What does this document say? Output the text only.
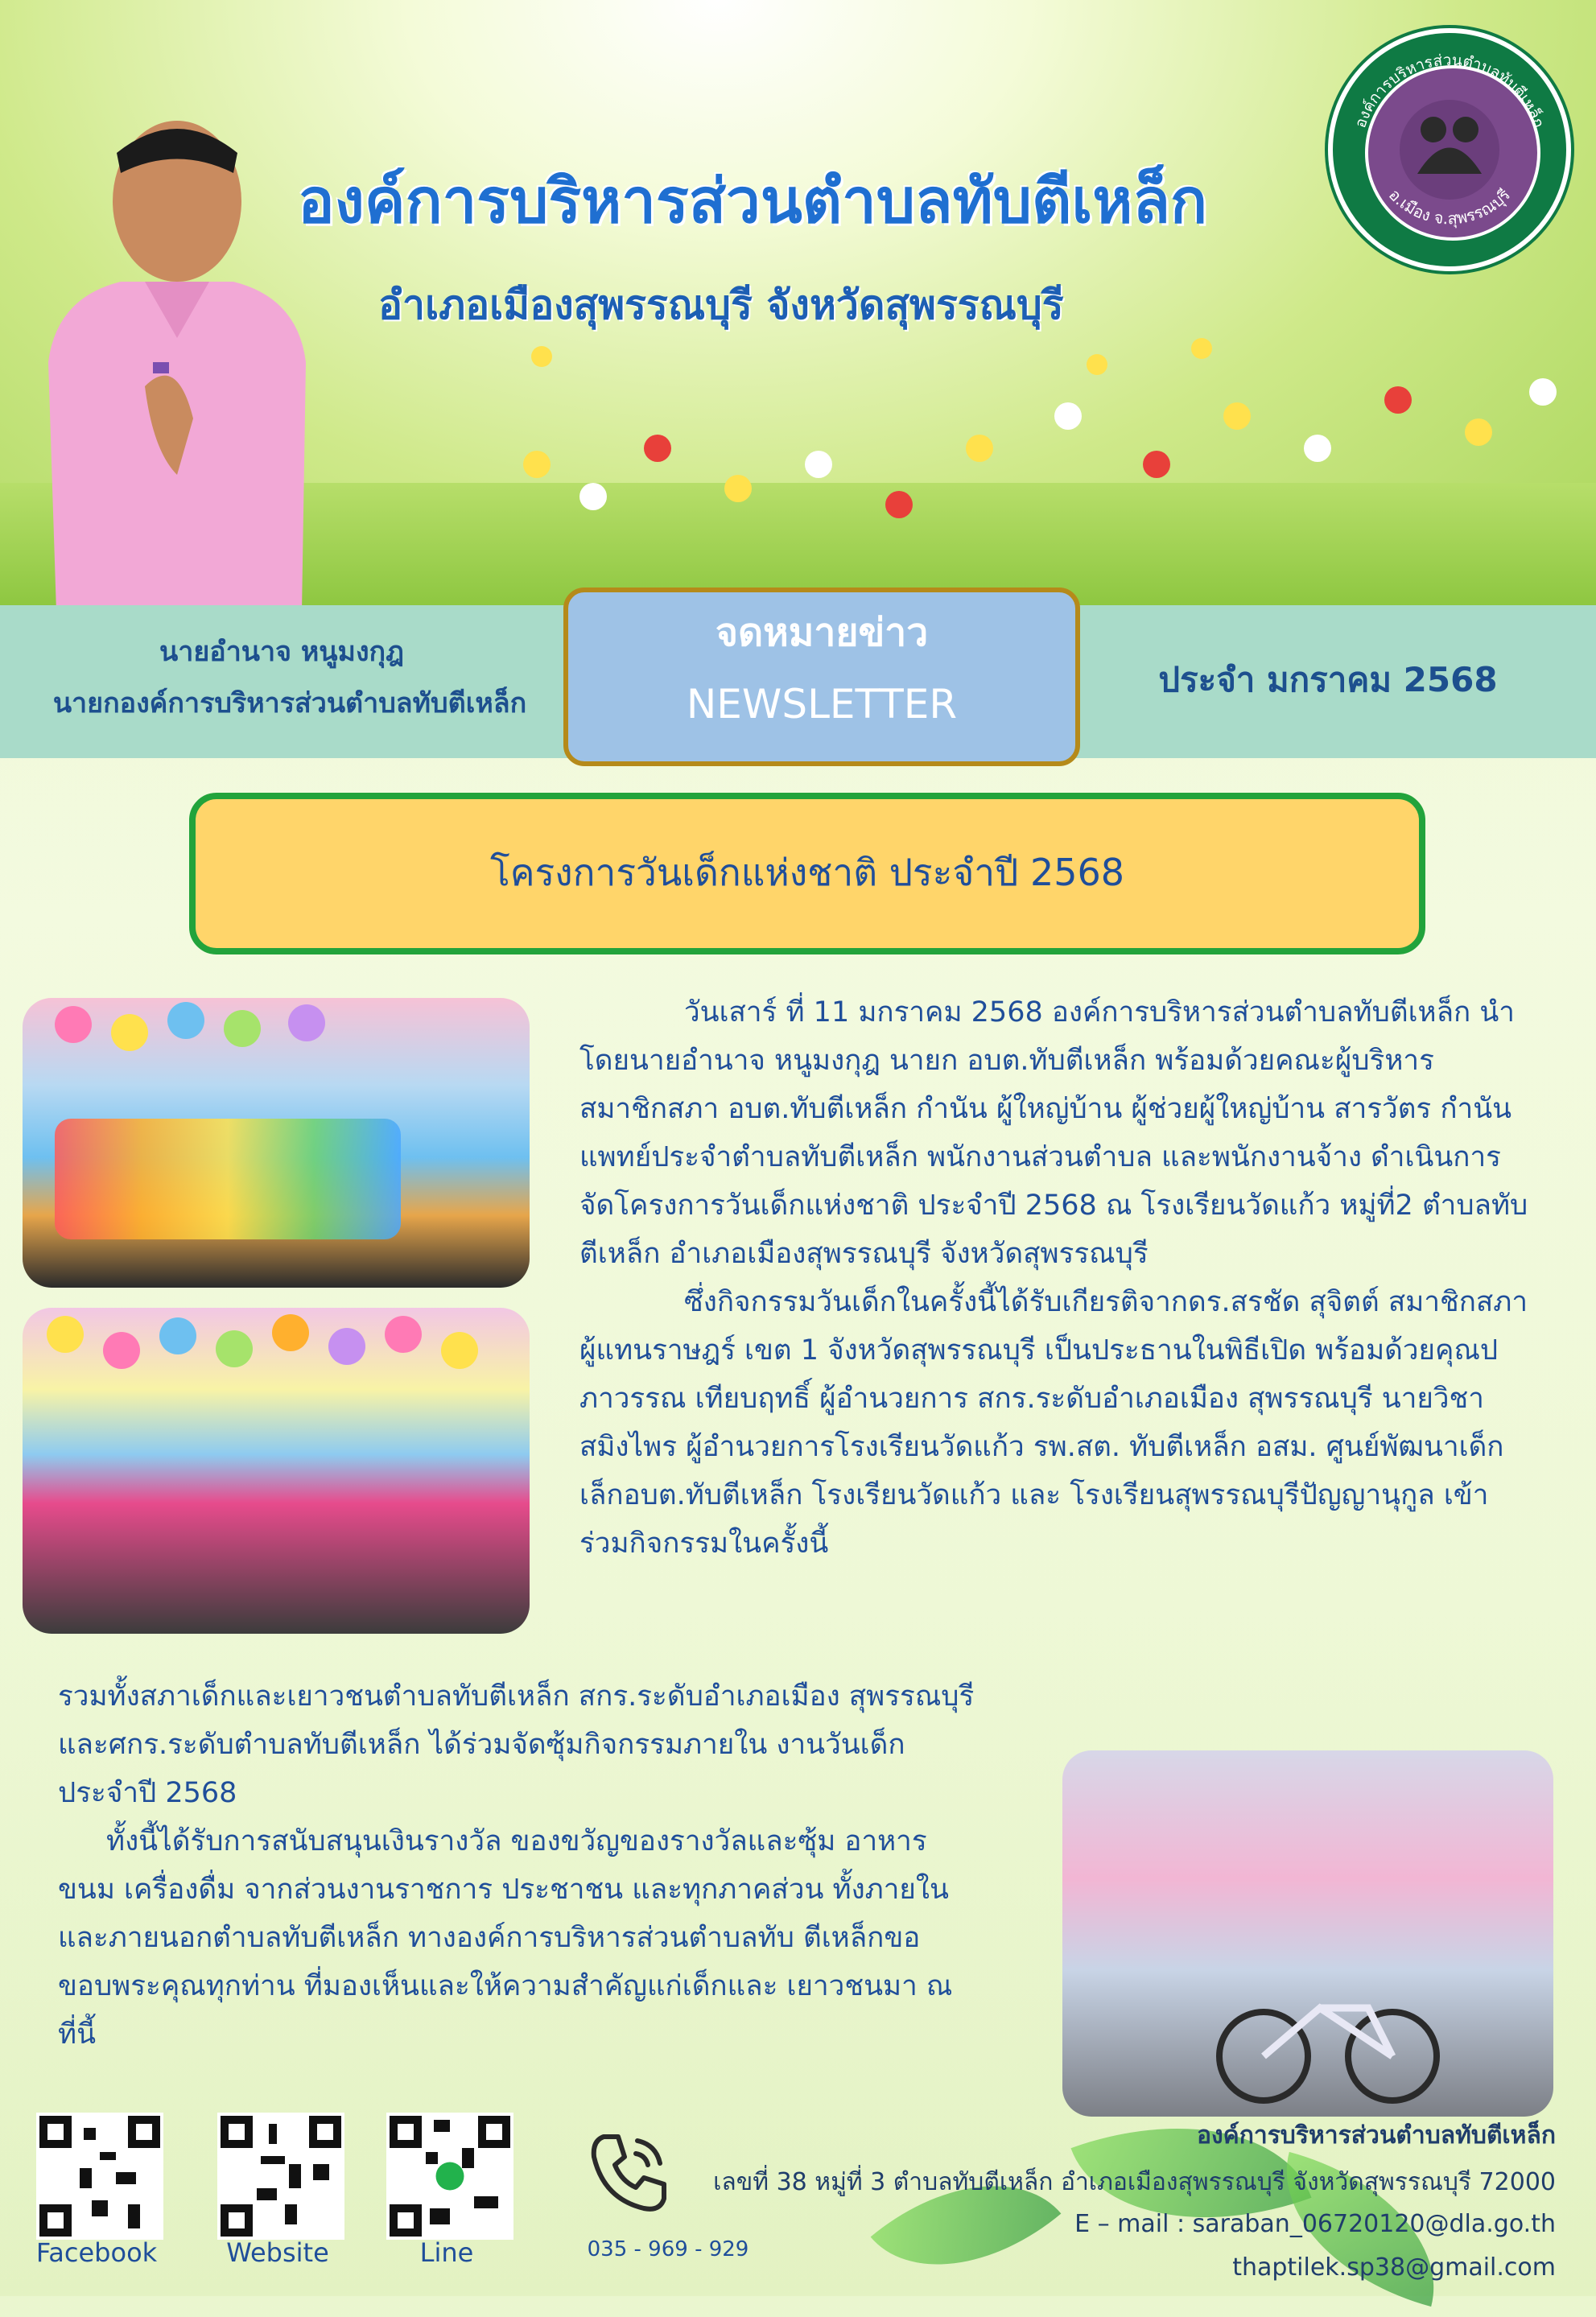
องค์การบริหารส่วนตำบลทับตีเหล็ก
อำเภอเมืองสุพรรณบุรี จังหวัดสุพรรณบุรี
องค์การบริหารส่วนตำบลทับตีเหล็ก
อ.เมือง จ.สุพรรณบุรี
นายอำนาจ หนูมงกุฎ
นายกองค์การบริหารส่วนตำบลทับตีเหล็ก
จดหมายข่าว
NEWSLETTER
ประจำ มกราคม 2568
โครงการวันเด็กแห่งชาติ ประจำปี 2568
วันเสาร์ ที่ 11 มกราคม 2568 องค์การบริหารส่วนตำบลทับตีเหล็ก นำโดยนายอำนาจ หนูมงกุฎ นายก อบต.ทับตีเหล็ก พร้อมด้วยคณะผู้บริหาร สมาชิกสภา อบต.ทับตีเหล็ก กำนัน ผู้ใหญ่บ้าน ผู้ช่วยผู้ใหญ่บ้าน สารวัตร กำนัน แพทย์ประจำตำบลทับตีเหล็ก พนักงานส่วนตำบล และพนักงานจ้าง ดำเนินการจัดโครงการวันเด็กแห่งชาติ ประจำปี 2568 ณ โรงเรียนวัดแก้ว หมู่ที่2 ตำบลทับตีเหล็ก อำเภอเมืองสุพรรณบุรี จังหวัดสุพรรณบุรี
ซึ่งกิจกรรมวันเด็กในครั้งนี้ได้รับเกียรติจากดร.สรชัด สุจิตต์ สมาชิกสภาผู้แทนราษฎร์ เขต 1 จังหวัดสุพรรณบุรี เป็นประธานในพิธีเปิด พร้อมด้วยคุณปภาวรรณ เทียบฤทธิ์ ผู้อำนวยการ สกร.ระดับอำเภอเมือง สุพรรณบุรี นายวิชา สมิงไพร ผู้อำนวยการโรงเรียนวัดแก้ว รพ.สต. ทับตีเหล็ก อสม. ศูนย์พัฒนาเด็กเล็กอบต.ทับตีเหล็ก โรงเรียนวัดแก้ว และ โรงเรียนสุพรรณบุรีปัญญานุกูล เข้าร่วมกิจกรรมในครั้งนี้
รวมทั้งสภาเด็กและเยาวชนตำบลทับตีเหล็ก สกร.ระดับอำเภอเมือง สุพรรณบุรี และศกร.ระดับตำบลทับตีเหล็ก ได้ร่วมจัดซุ้มกิจกรรมภายใน งานวันเด็ก ประจำปี 2568
ทั้งนี้ได้รับการสนับสนุนเงินรางวัล ของขวัญของรางวัลและซุ้ม อาหาร ขนม เครื่องดื่ม จากส่วนงานราชการ ประชาชน และทุกภาคส่วน ทั้งภายในและภายนอกตำบลทับตีเหล็ก ทางองค์การบริหารส่วนตำบลทับ ตีเหล็กขอขอบพระคุณทุกท่าน ที่มองเห็นและให้ความสำคัญแก่เด็กและ เยาวชนมา ณ ที่นี้
Facebook	Website	Line	035 - 969 - 929
องค์การบริหารส่วนตำบลทับตีเหล็ก
เลขที่ 38 หมู่ที่ 3 ตำบลทับตีเหล็ก อำเภอเมืองสุพรรณบุรี จังหวัดสุพรรณบุรี 72000
E – mail : saraban_06720120@dla.go.th
thaptilek.sp38@gmail.com
